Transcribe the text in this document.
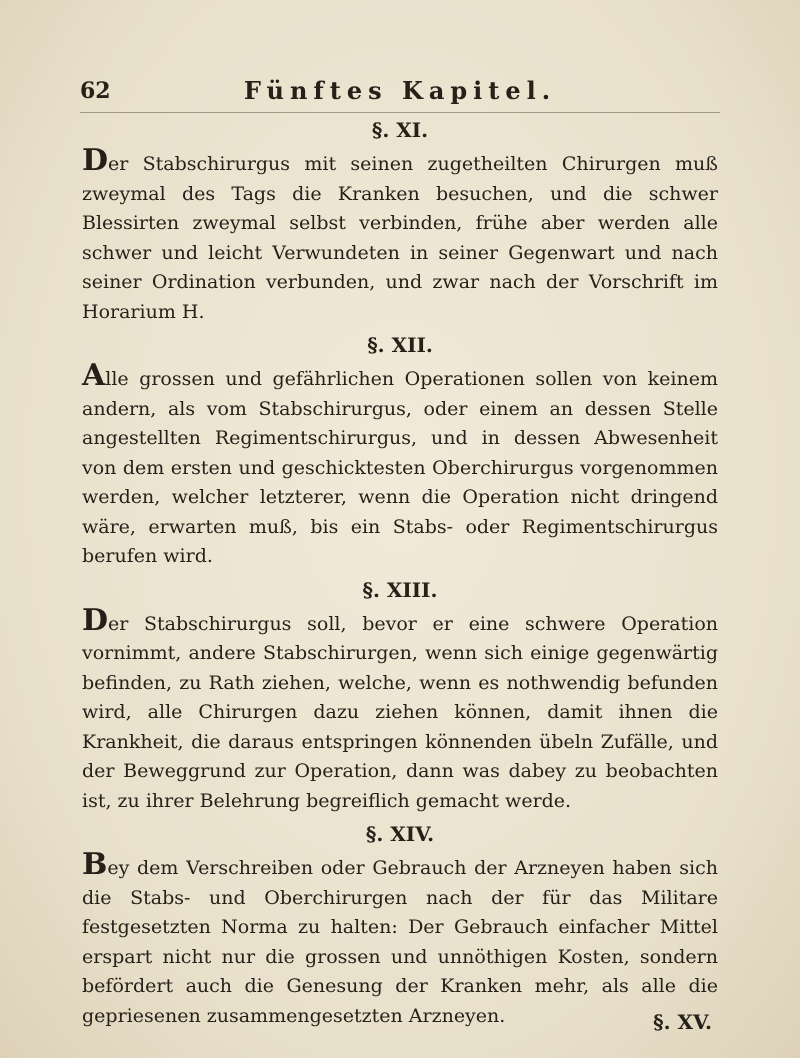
62	Fünftes Kapitel.
§. XI.

Der Stabschirurgus mit seinen zugetheilten Chirurgen muß zweymal des Tags die Kranken besuchen, und die schwer Blessirten zweymal selbst verbinden, frühe aber werden alle schwer und leicht Verwundeten in seiner Gegenwart und nach seiner Ordination verbunden, und zwar nach der Vorschrift im Horarium H.

§. XII.

Alle grossen und gefährlichen Operationen sollen von keinem andern, als vom Stabschirurgus, oder einem an dessen Stelle angestellten Regimentschirurgus, und in dessen Abwesenheit von dem ersten und geschicktesten Oberchirurgus vorgenommen werden, welcher letzterer, wenn die Operation nicht dringend wäre, erwarten muß, bis ein Stabs- oder Regimentschirurgus berufen wird.

§. XIII.

Der Stabschirurgus soll, bevor er eine schwere Operation vornimmt, andere Stabschirurgen, wenn sich einige gegenwärtig befinden, zu Rath ziehen, welche, wenn es nothwendig befunden wird, alle Chirurgen dazu ziehen können, damit ihnen die Krankheit, die daraus entspringen könnenden übeln Zufälle, und der Beweggrund zur Operation, dann was dabey zu beobachten ist, zu ihrer Belehrung begreiflich gemacht werde.

§. XIV.

Bey dem Verschreiben oder Gebrauch der Arzneyen haben sich die Stabs- und Oberchirurgen nach der für das Militare festgesetzten Norma zu halten: Der Gebrauch einfacher Mittel erspart nicht nur die grossen und unnöthigen Kosten, sondern befördert auch die Genesung der Kranken mehr, als alle die gepriesenen zusammengesetzten Arzneyen.	§. XV.
